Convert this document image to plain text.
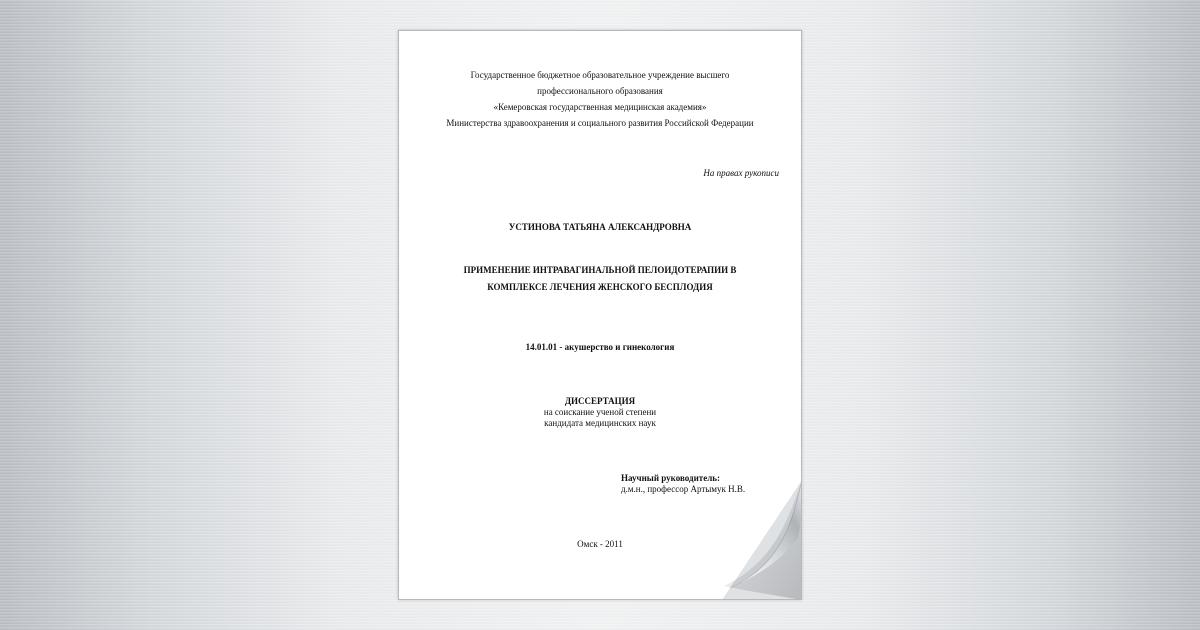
Государственное бюджетное образовательное учреждение высшего

профессионального образования

«Кемеровская государственная медицинская академия»

Министерства здравоохранения и социального развития Российской Федерации

На правах рукописи

УСТИНОВА ТАТЬЯНА АЛЕКСАНДРОВНА

ПРИМЕНЕНИЕ ИНТРАВАГИНАЛЬНОЙ ПЕЛОИДОТЕРАПИИ В

КОМПЛЕКСЕ ЛЕЧЕНИЯ ЖЕНСКОГО БЕСПЛОДИЯ

14.01.01 - акушерство и гинекология

ДИССЕРТАЦИЯ

на соискание ученой степени

кандидата медицинских наук

Научный руководитель:
д.м.н., профессор Артымук Н.В.

Омск - 2011
